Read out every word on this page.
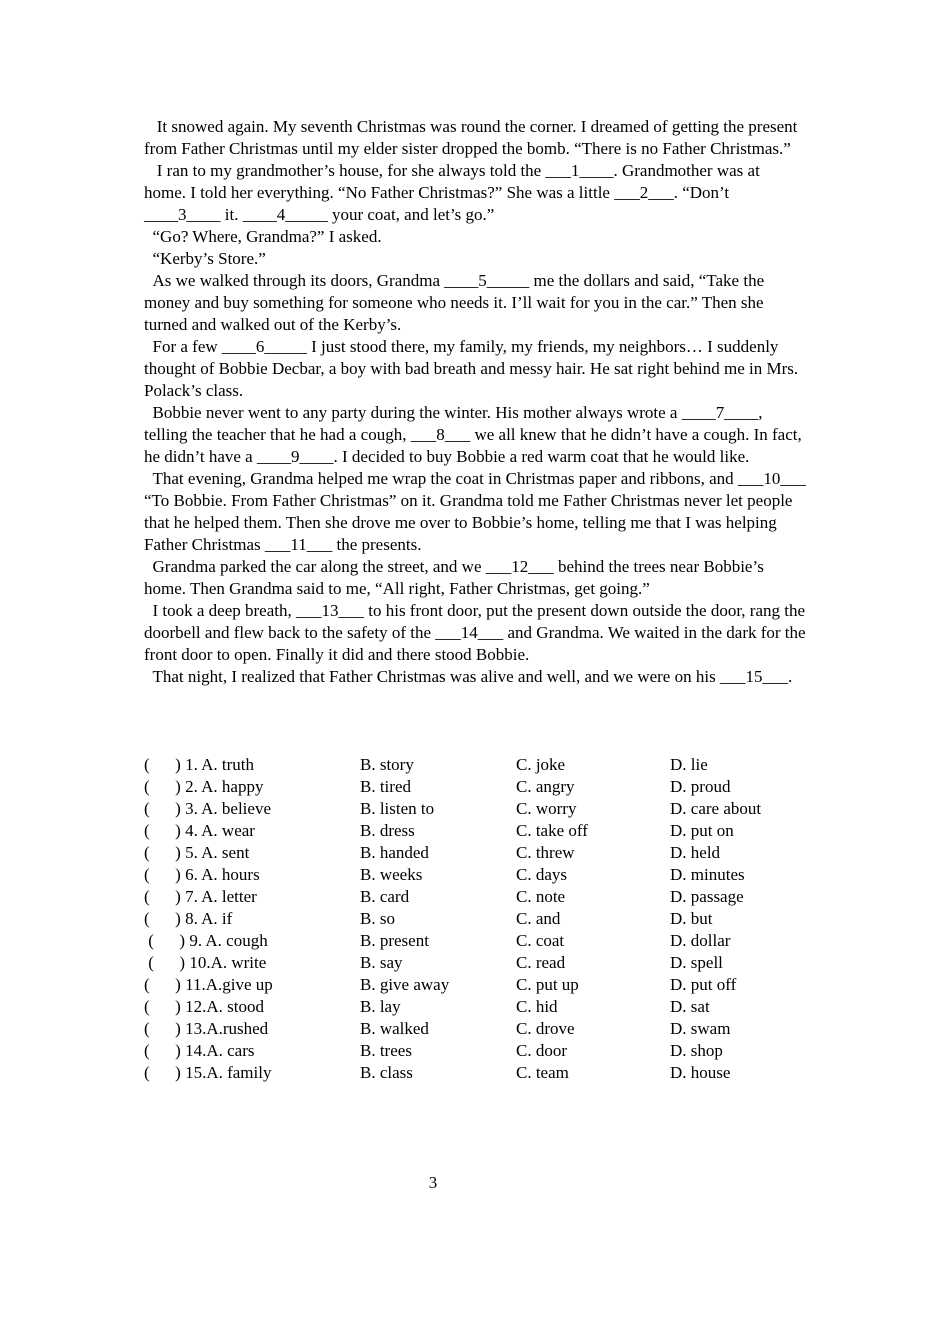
It snowed again. My seventh Christmas was round the corner. I dreamed of getting the present from Father Christmas until my elder sister dropped the bomb. “There is no Father Christmas.”

I ran to my grandmother’s house, for she always told the ___1____. Grandmother was at home. I told her everything. “No Father Christmas?” She was a little ___2___. “Don’t ____3____ it. ____4_____ your coat, and let’s go.”

“Go? Where, Grandma?” I asked.

“Kerby’s Store.”

As we walked through its doors, Grandma ____5_____ me the dollars and said, “Take the money and buy something for someone who needs it. I’ll wait for you in the car.” Then she turned and walked out of the Kerby’s.

For a few ____6_____ I just stood there, my family, my friends, my neighbors… I suddenly thought of Bobbie Decbar, a boy with bad breath and messy hair. He sat right behind me in Mrs. Polack’s class.

Bobbie never went to any party during the winter. His mother always wrote a ____7____, telling the teacher that he had a cough, ___8___ we all knew that he didn’t have a cough. In fact, he didn’t have a ____9____. I decided to buy Bobbie a red warm coat that he would like.

That evening, Grandma helped me wrap the coat in Christmas paper and ribbons, and ___10___ “To Bobbie. From Father Christmas” on it. Grandma told me Father Christmas never let people that he helped them. Then she drove me over to Bobbie’s home, telling me that I was helping Father Christmas ___11___ the presents.

Grandma parked the car along the street, and we ___12___ behind the trees near Bobbie’s home. Then Grandma said to me, “All right, Father Christmas, get going.”

I took a deep breath, ___13___ to his front door, put the present down outside the door, rang the doorbell and flew back to the safety of the ___14___ and Grandma. We waited in the dark for the front door to open. Finally it did and there stood Bobbie.

That night, I realized that Father Christmas was alive and well, and we were on his ___15___.

(      ) 1. A. truth

	B. story

	C. joke

	D. lie

(      ) 2. A. happy

	B. tired

	C. angry

	D. proud

(      ) 3. A. believe

	B. listen to

	C. worry

	D. care about

(      ) 4. A. wear

	B. dress

	C. take off

	D. put on

(      ) 5. A. sent

	B. handed

	C. threw

	D. held

(      ) 6. A. hours

	B. weeks

	C. days

	D. minutes

(      ) 7. A. letter

	B. card

	C. note

	D. passage

(      ) 8. A. if

	B. so

	C. and

	D. but

(      ) 9. A. cough

	B. present

	C. coat

	D. dollar

(      ) 10.A. write

	B. say

	C. read

	D. spell

(      ) 11.A.give up

	B. give away

	C. put up

	D. put off

(      ) 12.A. stood

	B. lay

	C. hid

	D. sat

(      ) 13.A.rushed

	B. walked

	C. drove

	D. swam

(      ) 14.A. cars

	B. trees

	C. door

	D. shop

(      ) 15.A. family

	B. class

	C. team

	D. house

3
